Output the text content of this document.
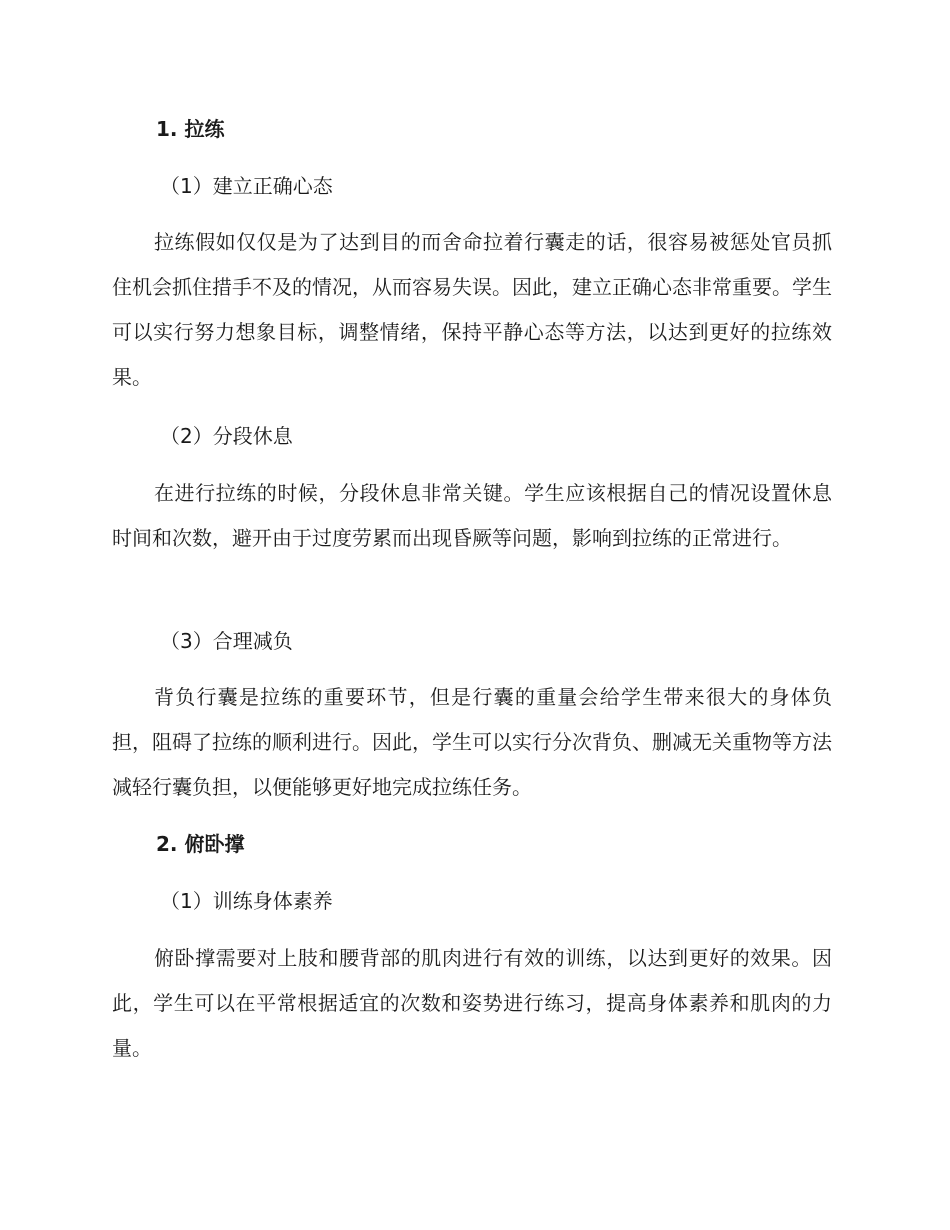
1. 拉练

（1）建立正确心态

拉练假如仅仅是为了达到目的而舍命拉着行囊走的话，很容易被惩处官员抓住机会抓住措手不及的情况，从而容易失误。因此，建立正确心态非常重要。学生可以实行努力想象目标，调整情绪，保持平静心态等方法，以达到更好的拉练效果。

（2）分段休息

在进行拉练的时候，分段休息非常关键。学生应该根据自己的情况设置休息时间和次数，避开由于过度劳累而出现昏厥等问题，影响到拉练的正常进行。

（3）合理减负

背负行囊是拉练的重要环节，但是行囊的重量会给学生带来很大的身体负担，阻碍了拉练的顺利进行。因此，学生可以实行分次背负、删减无关重物等方法减轻行囊负担，以便能够更好地完成拉练任务。

2. 俯卧撑

（1）训练身体素养

俯卧撑需要对上肢和腰背部的肌肉进行有效的训练，以达到更好的效果。因此，学生可以在平常根据适宜的次数和姿势进行练习，提高身体素养和肌肉的力量。
